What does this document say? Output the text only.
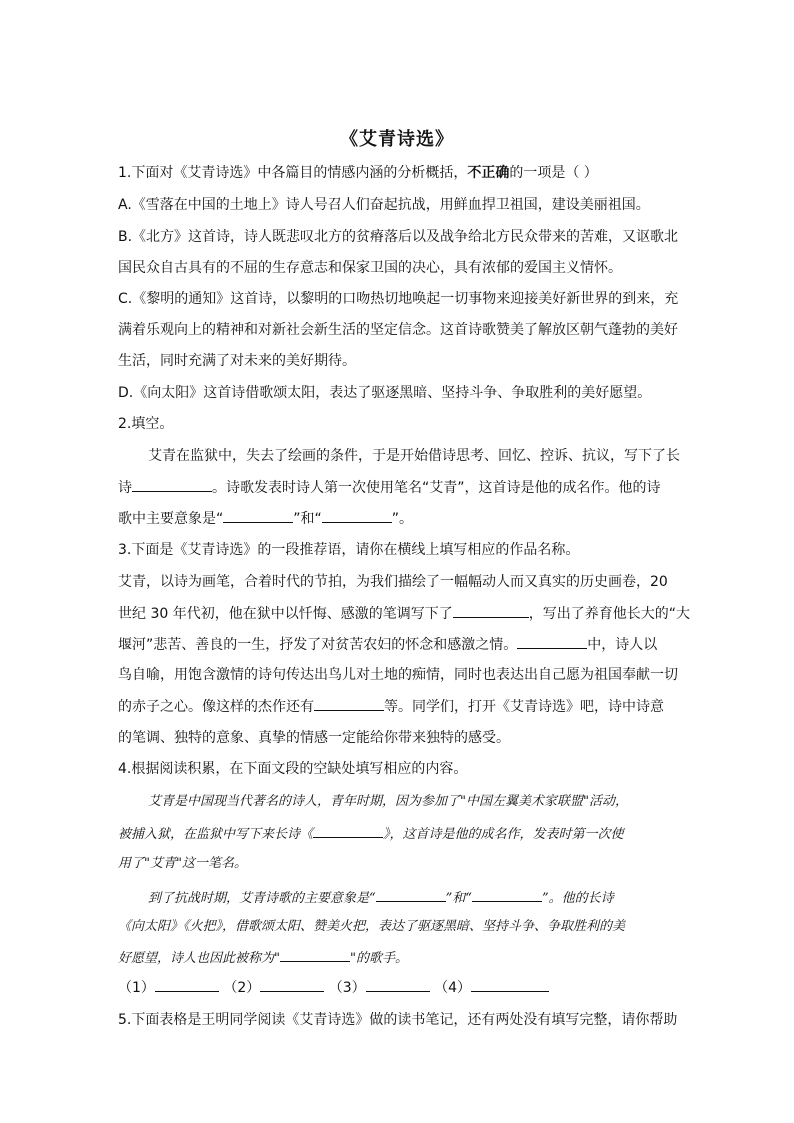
《艾青诗选》
1.下面对《艾青诗选》中各篇目的情感内涵的分析概括，不正确的一项是（ ）
A.《雪落在中国的土地上》诗人号召人们奋起抗战，用鲜血捍卫祖国，建设美丽祖国。
B.《北方》这首诗，诗人既悲叹北方的贫瘠落后以及战争给北方民众带来的苦难，又讴歌北
国民众自古具有的不屈的生存意志和保家卫国的决心，具有浓郁的爱国主义情怀。
C.《黎明的通知》这首诗，以黎明的口吻热切地唤起一切事物来迎接美好新世界的到来，充
满着乐观向上的精神和对新社会新生活的坚定信念。这首诗歌赞美了解放区朝气蓬勃的美好
生活，同时充满了对未来的美好期待。
D.《向太阳》这首诗借歌颂太阳，表达了驱逐黑暗、坚持斗争、争取胜利的美好愿望。
2.填空。
艾青在监狱中，失去了绘画的条件，于是开始借诗思考、回忆、控诉、抗议，写下了长
诗	。诗歌发表时诗人第一次使用笔名“艾青”，这首诗是他的成名作。他的诗
歌中主要意象是“	”和“	”。
3.下面是《艾青诗选》的一段推荐语，请你在横线上填写相应的作品名称。
艾青，以诗为画笔，合着时代的节拍，为我们描绘了一幅幅动人而又真实的历史画卷，20
世纪 30 年代初，他在狱中以忏悔、感激的笔调写下了	，写出了养育他长大的“大
堰河”悲苦、善良的一生，抒发了对贫苦农妇的怀念和感激之情。	中，诗人以
鸟自喻，用饱含激情的诗句传达出鸟儿对土地的痴情，同时也表达出自己愿为祖国奉献一切
的赤子之心。像这样的杰作还有	等。同学们，打开《艾青诗选》吧，诗中诗意
的笔调、独特的意象、真挚的情感一定能给你带来独特的感受。
4.根据阅读积累，在下面文段的空缺处填写相应的内容。
艾青是中国现当代著名的诗人，青年时期，因为参加了"中国左翼美术家联盟"活动，
被捕入狱，在监狱中写下来长诗《	》，这首诗是他的成名作，发表时第一次使
用了"艾青"这一笔名。
到了抗战时期，艾青诗歌的主要意象是“	”和“	”。他的长诗
《向太阳》《火把》，借歌颂太阳、赞美火把，表达了驱逐黑暗、坚持斗争、争取胜利的美
好愿望，诗人也因此被称为"	"的歌手。
（1）	（2）	（3）	（4）
5.下面表格是王明同学阅读《艾青诗选》做的读书笔记，还有两处没有填写完整，请你帮助
